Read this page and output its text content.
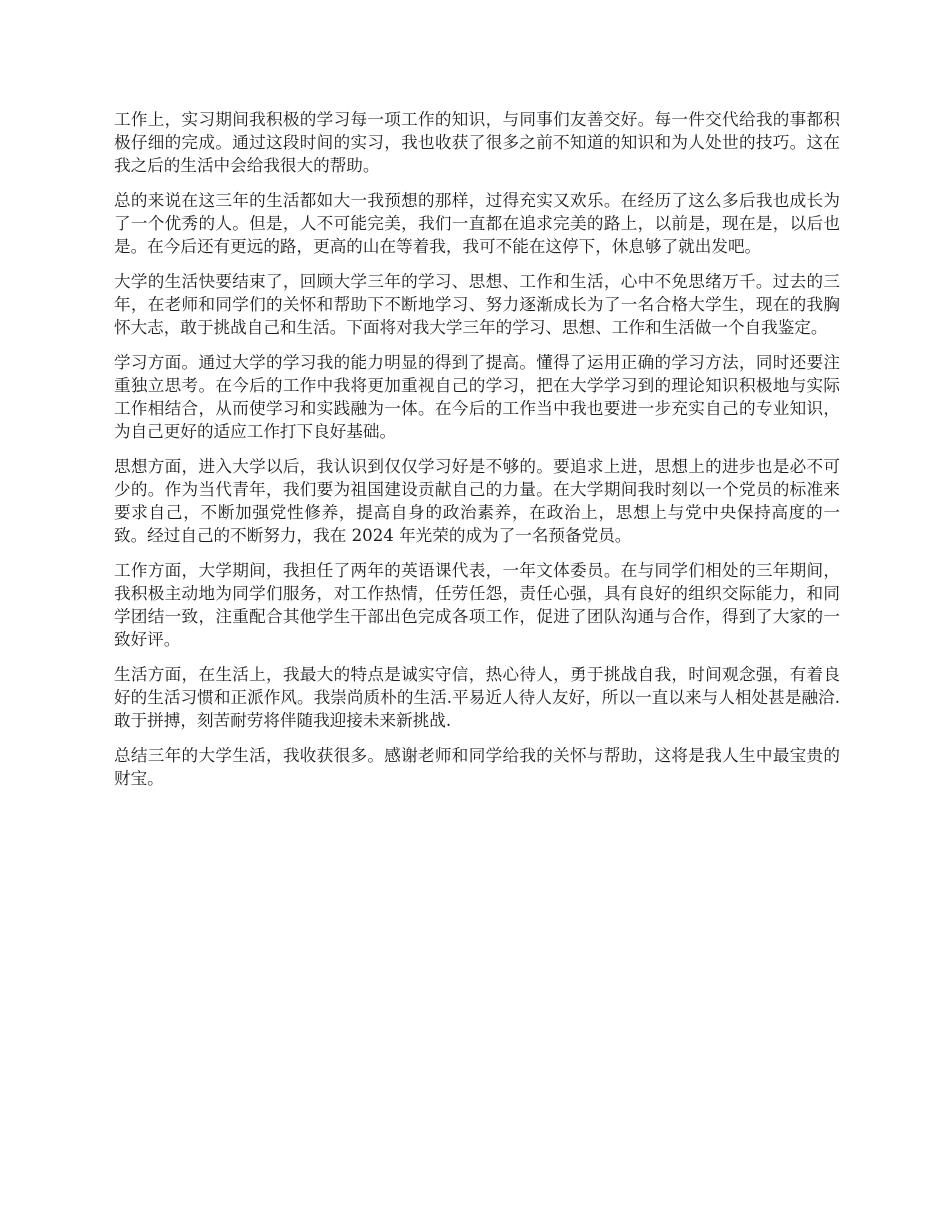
工作上，实习期间我积极的学习每一项工作的知识，与同事们友善交好。每一件交代给我的事都积极仔细的完成。通过这段时间的实习，我也收获了很多之前不知道的知识和为人处世的技巧。这在我之后的生活中会给我很大的帮助。

总的来说在这三年的生活都如大一我预想的那样，过得充实又欢乐。在经历了这么多后我也成长为了一个优秀的人。但是，人不可能完美，我们一直都在追求完美的路上，以前是，现在是，以后也是。在今后还有更远的路，更高的山在等着我，我可不能在这停下，休息够了就出发吧。

大学的生活快要结束了，回顾大学三年的学习、思想、工作和生活，心中不免思绪万千。过去的三年，在老师和同学们的关怀和帮助下不断地学习、努力逐渐成长为了一名合格大学生，现在的我胸怀大志，敢于挑战自己和生活。下面将对我大学三年的学习、思想、工作和生活做一个自我鉴定。

学习方面。通过大学的学习我的能力明显的得到了提高。懂得了运用正确的学习方法，同时还要注重独立思考。在今后的工作中我将更加重视自己的学习，把在大学学习到的理论知识积极地与实际工作相结合，从而使学习和实践融为一体。在今后的工作当中我也要进一步充实自己的专业知识，为自己更好的适应工作打下良好基础。

思想方面，进入大学以后，我认识到仅仅学习好是不够的。要追求上进，思想上的进步也是必不可少的。作为当代青年，我们要为祖国建设贡献自己的力量。在大学期间我时刻以一个党员的标准来要求自己，不断加强党性修养，提高自身的政治素养，在政治上，思想上与党中央保持高度的一致。经过自己的不断努力，我在 2024 年光荣的成为了一名预备党员。

工作方面，大学期间，我担任了两年的英语课代表，一年文体委员。在与同学们相处的三年期间，我积极主动地为同学们服务，对工作热情，任劳任怨，责任心强，具有良好的组织交际能力，和同学团结一致，注重配合其他学生干部出色完成各项工作，促进了团队沟通与合作，得到了大家的一致好评。

生活方面，在生活上，我最大的特点是诚实守信，热心待人，勇于挑战自我，时间观念强，有着良好的生活习惯和正派作风。我崇尚质朴的生活.平易近人待人友好，所以一直以来与人相处甚是融洽.敢于拼搏，刻苦耐劳将伴随我迎接未来新挑战.

总结三年的大学生活，我收获很多。感谢老师和同学给我的关怀与帮助，这将是我人生中最宝贵的财宝。
